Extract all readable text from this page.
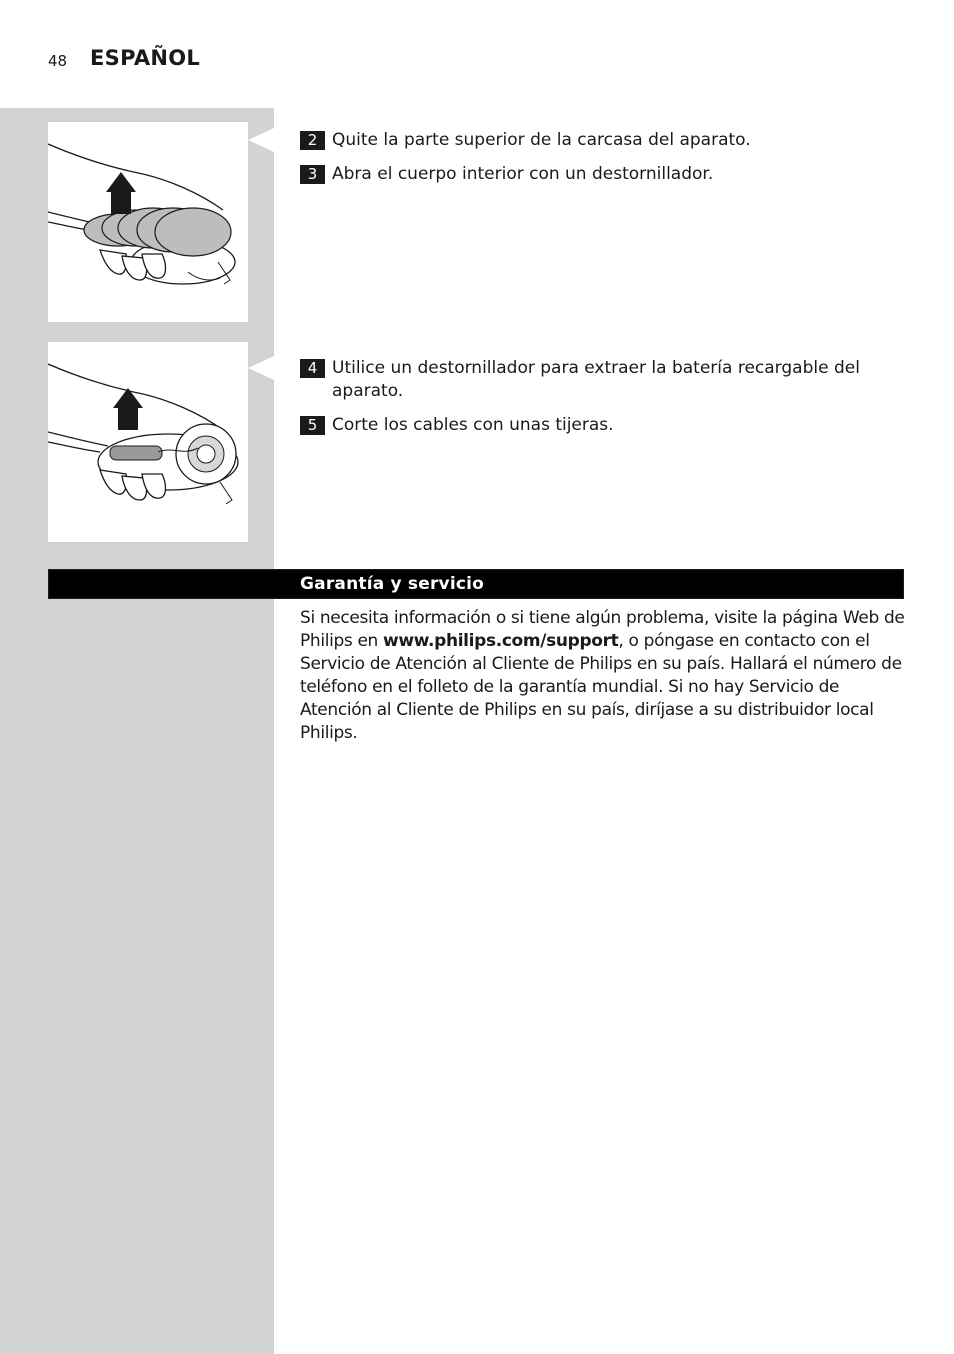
48 ESPAÑOL
2 Quite la parte superior de la carcasa del aparato.
3 Abra el cuerpo interior con un destornillador.
4 Utilice un destornillador para extraer la batería recargable del aparato.
5 Corte los cables con unas tijeras.
Garantía y servicio
Si necesita información o si tiene algún problema, visite la página Web de Philips en www.philips.com/support, o póngase en contacto con el Servicio de Atención al Cliente de Philips en su país. Hallará el número de teléfono en el folleto de la garantía mundial. Si no hay Servicio de Atención al Cliente de Philips en su país, diríjase a su distribuidor local Philips.
